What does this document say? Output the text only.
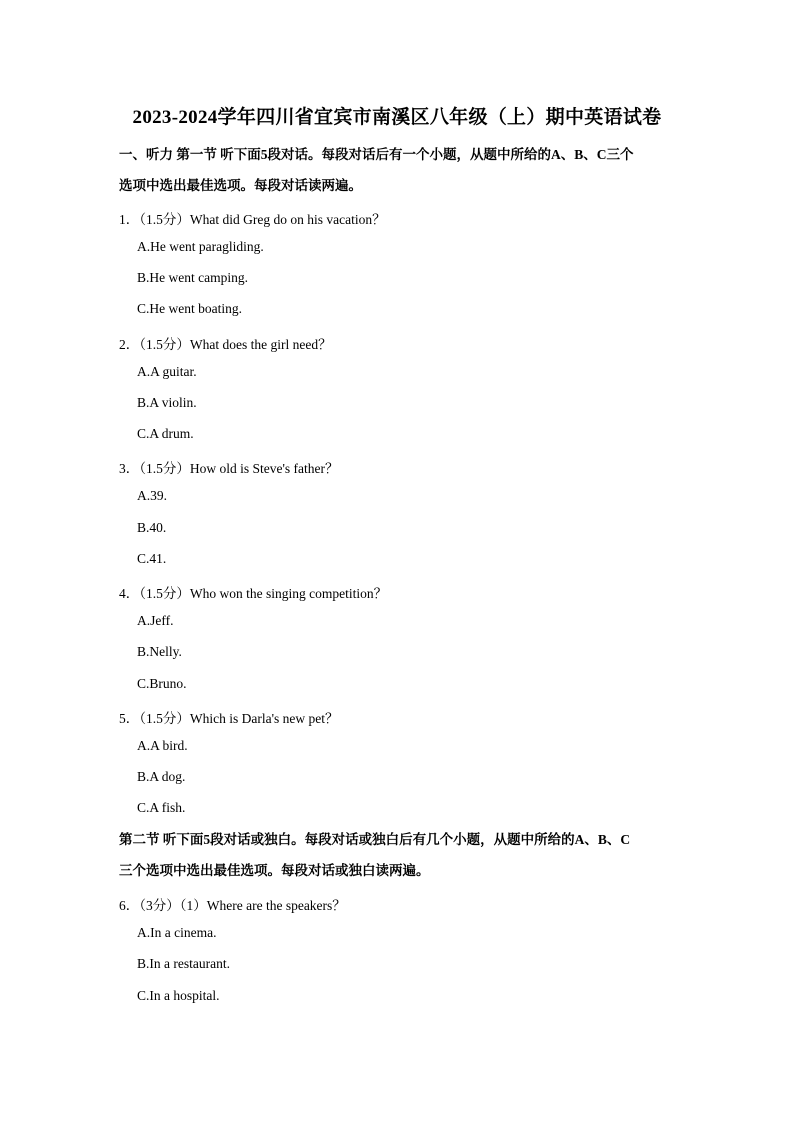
2023-2024学年四川省宜宾市南溪区八年级（上）期中英语试卷
一、听力 第一节 听下面5段对话。每段对话后有一个小题，从题中所给的A、B、C三个
选项中选出最佳选项。每段对话读两遍。
1．（1.5分）What did Greg do on his vacation？
A.He went paragliding.
B.He went camping.
C.He went boating.
2．（1.5分）What does the girl need？
A.A guitar.
B.A violin.
C.A drum.
3．（1.5分）How old is Steve's father？
A.39.
B.40.
C.41.
4．（1.5分）Who won the singing competition？
A.Jeff.
B.Nelly.
C.Bruno.
5．（1.5分）Which is Darla's new pet？
A.A bird.
B.A dog.
C.A fish.
第二节 听下面5段对话或独白。每段对话或独白后有几个小题，从题中所给的A、B、C
三个选项中选出最佳选项。每段对话或独白读两遍。
6．（3分）（1）Where are the speakers？
A.In a cinema.
B.In a restaurant.
C.In a hospital.
